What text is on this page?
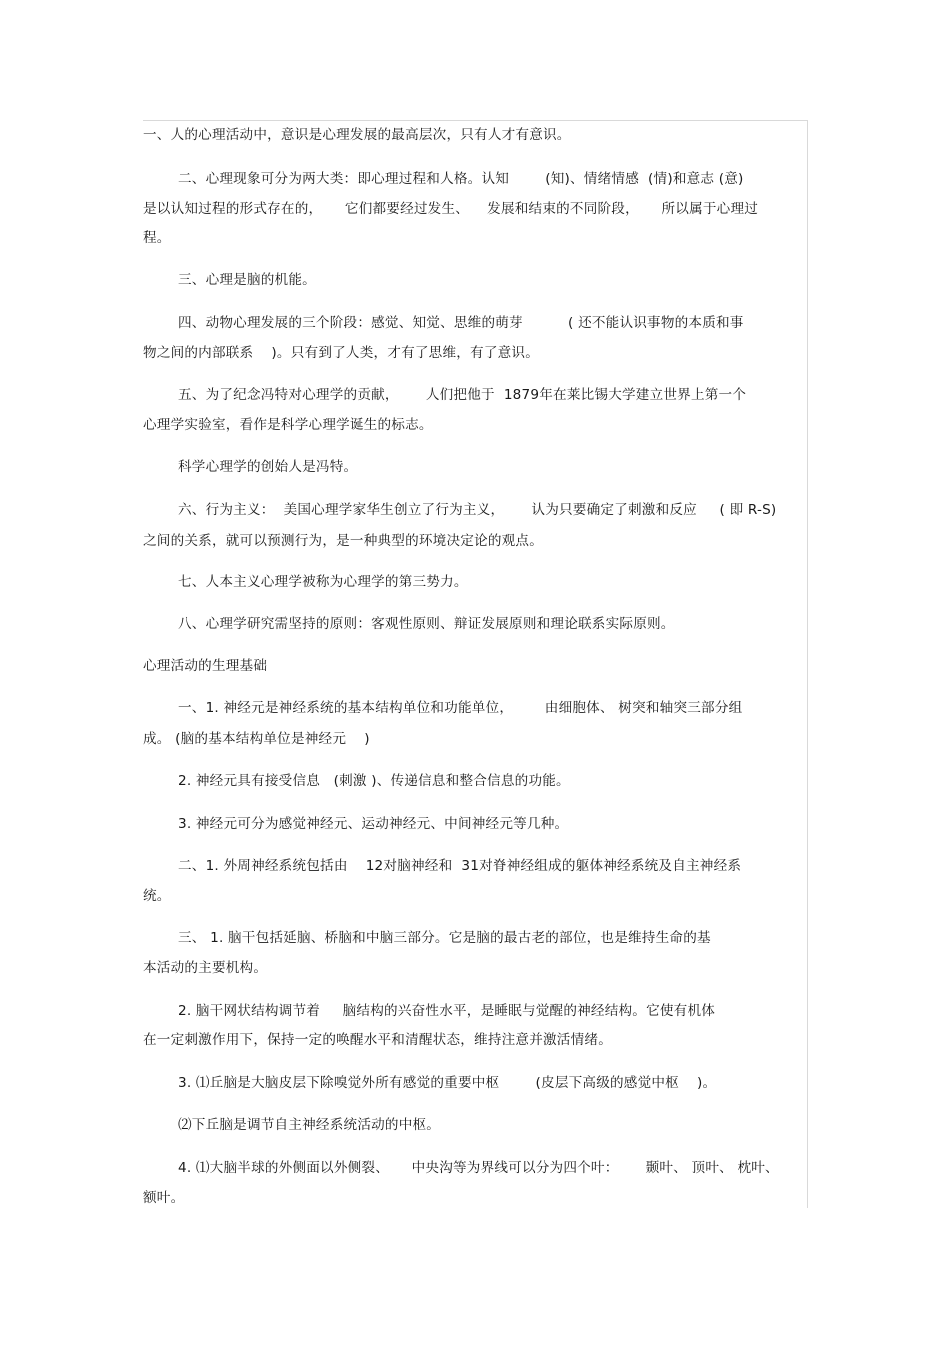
一、人的心理活动中，意识是心理发展的最高层次，只有人才有意识。
二、心理现象可分为两大类：即心理过程和人格。认知        (知)、情绪情感  (情)和意志 (意)
是以认知过程的形式存在的，     它们都要经过发生、    发展和结束的不同阶段，     所以属于心理过
程。
三、心理是脑的机能。
四、动物心理发展的三个阶段：感觉、知觉、思维的萌芽          ( 还不能认识事物的本质和事
物之间的内部联系    )。只有到了人类，才有了思维，有了意识。
五、为了纪念冯特对心理学的贡献，      人们把他于  1879年在莱比锡大学建立世界上第一个
心理学实验室，看作是科学心理学诞生的标志。
科学心理学的创始人是冯特。
六、行为主义：  美国心理学家华生创立了行为主义，      认为只要确定了刺激和反应     ( 即 R-S)
之间的关系，就可以预测行为，是一种典型的环境决定论的观点。
七、人本主义心理学被称为心理学的第三势力。
八、心理学研究需坚持的原则：客观性原则、辩证发展原则和理论联系实际原则。
心理活动的生理基础
一、1. 神经元是神经系统的基本结构单位和功能单位，       由细胞体、 树突和轴突三部分组
成。 (脑的基本结构单位是神经元    )
2. 神经元具有接受信息   (刺激 )、传递信息和整合信息的功能。
3. 神经元可分为感觉神经元、运动神经元、中间神经元等几种。
二、1. 外周神经系统包括由    12对脑神经和  31对脊神经组成的躯体神经系统及自主神经系
统。
三、 1. 脑干包括延脑、桥脑和中脑三部分。它是脑的最古老的部位，也是维持生命的基
本活动的主要机构。
2. 脑干网状结构调节着     脑结构的兴奋性水平，是睡眠与觉醒的神经结构。它使有机体
在一定刺激作用下，保持一定的唤醒水平和清醒状态，维持注意并激活情绪。
3. ⑴丘脑是大脑皮层下除嗅觉外所有感觉的重要中枢        (皮层下高级的感觉中枢    )。
⑵下丘脑是调节自主神经系统活动的中枢。
4. ⑴大脑半球的外侧面以外侧裂、     中央沟等为界线可以分为四个叶：      颞叶、 顶叶、 枕叶、
额叶。
